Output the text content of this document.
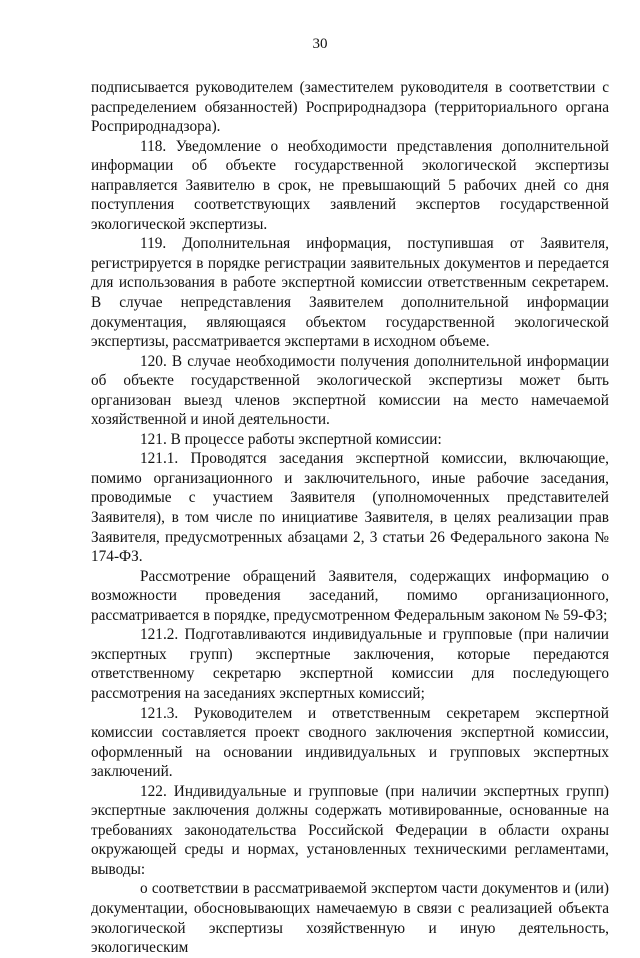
30

подписывается руководителем (заместителем руководителя в соответствии с распределением обязанностей) Росприроднадзора (территориального органа Росприроднадзора).

118. Уведомление о необходимости представления дополнительной информации об объекте государственной экологической экспертизы направляется Заявителю в срок, не превышающий 5 рабочих дней со дня поступления соответствующих заявлений экспертов государственной экологической экспертизы.

119. Дополнительная информация, поступившая от Заявителя, регистрируется в порядке регистрации заявительных документов и передается для использования в работе экспертной комиссии ответственным секретарем. В случае непредставления Заявителем дополнительной информации документация, являющаяся объектом государственной экологической экспертизы, рассматривается экспертами в исходном объеме.

120. В случае необходимости получения дополнительной информации об объекте государственной экологической экспертизы может быть организован выезд членов экспертной комиссии на место намечаемой хозяйственной и иной деятельности.

121. В процессе работы экспертной комиссии:

121.1. Проводятся заседания экспертной комиссии, включающие, помимо организационного и заключительного, иные рабочие заседания, проводимые с участием Заявителя (уполномоченных представителей Заявителя), в том числе по инициативе Заявителя, в целях реализации прав Заявителя, предусмотренных абзацами 2, 3 статьи 26 Федерального закона № 174-ФЗ.

Рассмотрение обращений Заявителя, содержащих информацию о возможности проведения заседаний, помимо организационного, рассматривается в порядке, предусмотренном Федеральным законом № 59-ФЗ;

121.2. Подготавливаются индивидуальные и групповые (при наличии экспертных групп) экспертные заключения, которые передаются ответственному секретарю экспертной комиссии для последующего рассмотрения на заседаниях экспертных комиссий;

121.3. Руководителем и ответственным секретарем экспертной комиссии составляется проект сводного заключения экспертной комиссии, оформленный на основании индивидуальных и групповых экспертных заключений.

122. Индивидуальные и групповые (при наличии экспертных групп) экспертные заключения должны содержать мотивированные, основанные на требованиях законодательства Российской Федерации в области охраны окружающей среды и нормах, установленных техническими регламентами, выводы:

о соответствии в рассматриваемой экспертом части документов и (или) документации, обосновывающих намечаемую в связи с реализацией объекта экологической экспертизы хозяйственную и иную деятельность, экологическим
